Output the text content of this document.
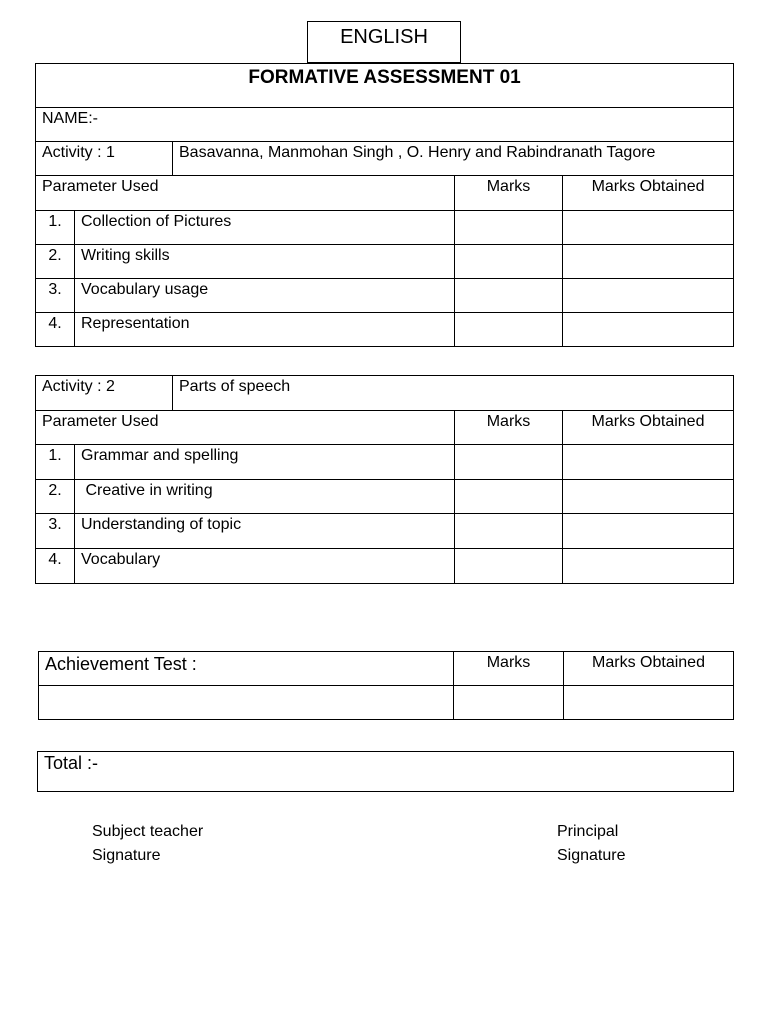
ENGLISH
FORMATIVE ASSESSMENT 01				

NAME:-				

Activity : 1		Basavanna, Manmohan Singh , O. Henry and Rabindranath Tagore		

Parameter Used			Marks	Marks Obtained

1.	Collection of Pictures			

2.	Writing skills			

3.	Vocabulary usage			

4.	Representation			

Activity : 2		Parts of speech		

Parameter Used			Marks	Marks Obtained

1.	Grammar and spelling			

2.	Creative in writing			

3.	Understanding of topic			

4.	Vocabulary			

Achievement Test :	Marks	Marks Obtained

Total :-
Subject teacher
Signature
Principal
Signature
